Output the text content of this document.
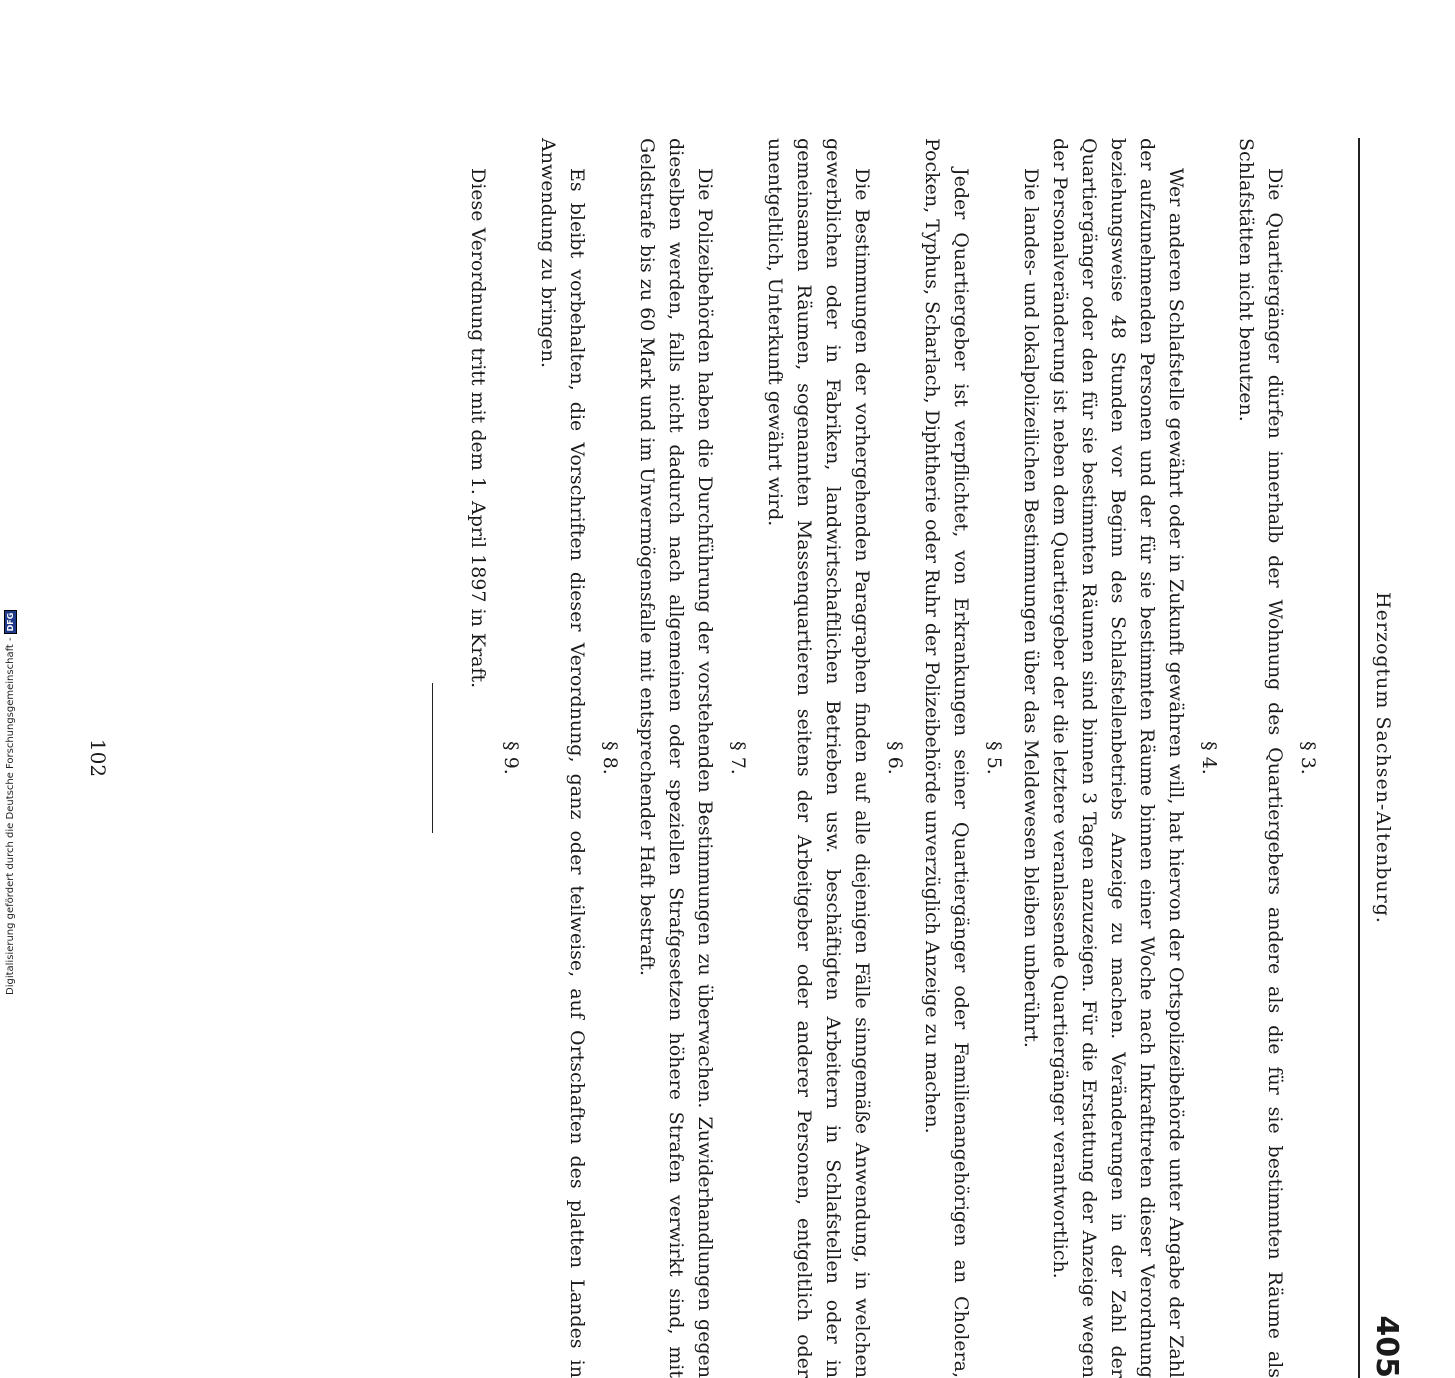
Herzogtum Sachsen-Altenburg.
405
§ 3.

Die Quartiergänger dürfen innerhalb der Wohnung des Quartiergebers andere als die für sie bestimmten Räume als Schlafstätten nicht benutzen.

§ 4.

Wer anderen Schlafstelle gewährt oder in Zukunft gewähren will, hat hiervon der Ortspolizeibehörde unter Angabe der Zahl der aufzunehmenden Personen und der für sie bestimmten Räume binnen einer Woche nach Inkrafttreten dieser Verordnung beziehungsweise 48 Stunden vor Beginn des Schlafstellenbetriebs Anzeige zu machen. Veränderungen in der Zahl der Quartiergänger oder den für sie bestimmten Räumen sind binnen 3 Tagen anzuzeigen. Für die Erstattung der Anzeige wegen der Personalveränderung ist neben dem Quartiergeber der die letztere veranlassende Quartiergänger verantwortlich.

Die landes- und lokalpolizeilichen Bestimmungen über das Meldewesen bleiben unberührt.

§ 5.

Jeder Quartiergeber ist verpflichtet, von Erkrankungen seiner Quartiergänger oder Familienangehörigen an Cholera, Pocken, Typhus, Scharlach, Diphtherie oder Ruhr der Polizeibehörde unverzüglich Anzeige zu machen.

§ 6.

Die Bestimmungen der vorhergehenden Paragraphen finden auf alle diejenigen Fälle sinngemäße Anwendung, in welchen gewerblichen oder in Fabriken, landwirtschaftlichen Betrieben usw. beschäftigten Arbeitern in Schlafstellen oder in gemeinsamen Räumen, sogenannten Massenquartieren seitens der Arbeitgeber oder anderer Personen, entgeltlich oder unentgeltlich, Unterkunft gewährt wird.

§ 7.

Die Polizeibehörden haben die Durchführung der vorstehenden Bestimmungen zu überwachen. Zuwiderhandlungen gegen dieselben werden, falls nicht dadurch nach allgemeinen oder speziellen Strafgesetzen höhere Strafen verwirkt sind, mit Geldstrafe bis zu 60 Mark und im Unvermögensfalle mit entsprechender Haft bestraft.

§ 8.

Es bleibt vorbehalten, die Vorschriften dieser Verordnung, ganz oder teilweise, auf Ortschaften des platten Landes in Anwendung zu bringen.

§ 9.

Diese Verordnung tritt mit dem 1. April 1897 in Kraft.

102
Digitalisierung gefördert durch die Deutsche Forschungsgemeinschaft -
DFG
